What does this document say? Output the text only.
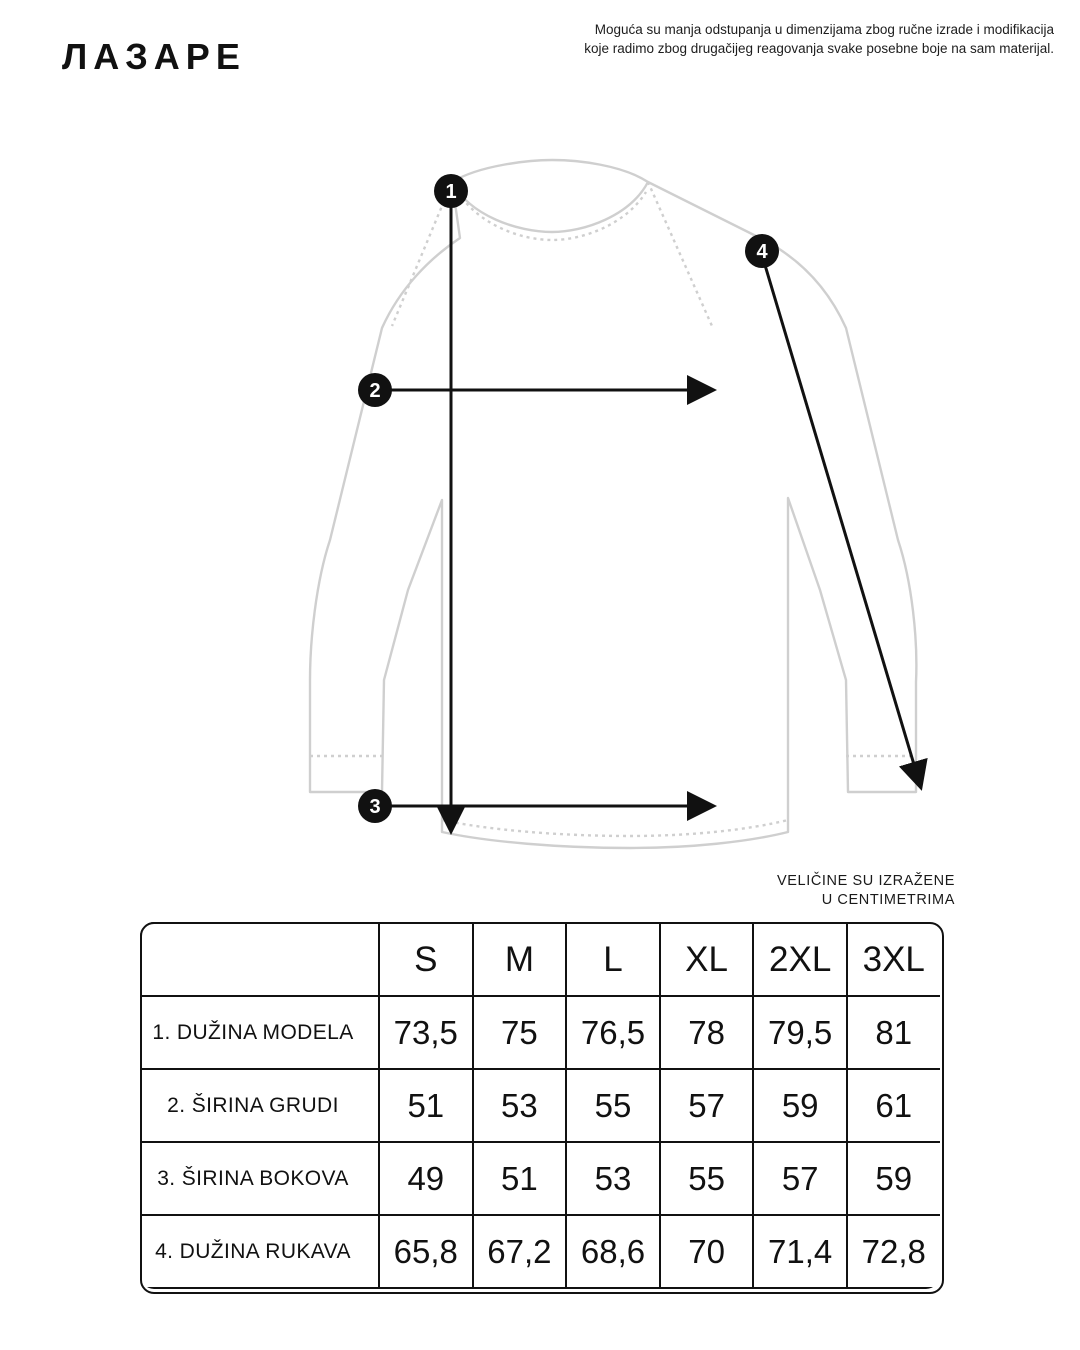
ЛАЗАРЕ
Moguća su manja odstupanja u dimenzijama zbog ručne izrade i modifikacija
koje radimo zbog drugačijeg reagovanja svake posebne boje na sam materijal.
1
2
3
4
VELIČINE SU IZRAŽENE
U CENTIMETRIMA
	S	M	L	XL	2XL	3XL
1. DUŽINA MODELA	73,5	75	76,5	78	79,5	81
2. ŠIRINA GRUDI	51	53	55	57	59	61
3. ŠIRINA BOKOVA	49	51	53	55	57	59
4. DUŽINA RUKAVA	65,8	67,2	68,6	70	71,4	72,8
